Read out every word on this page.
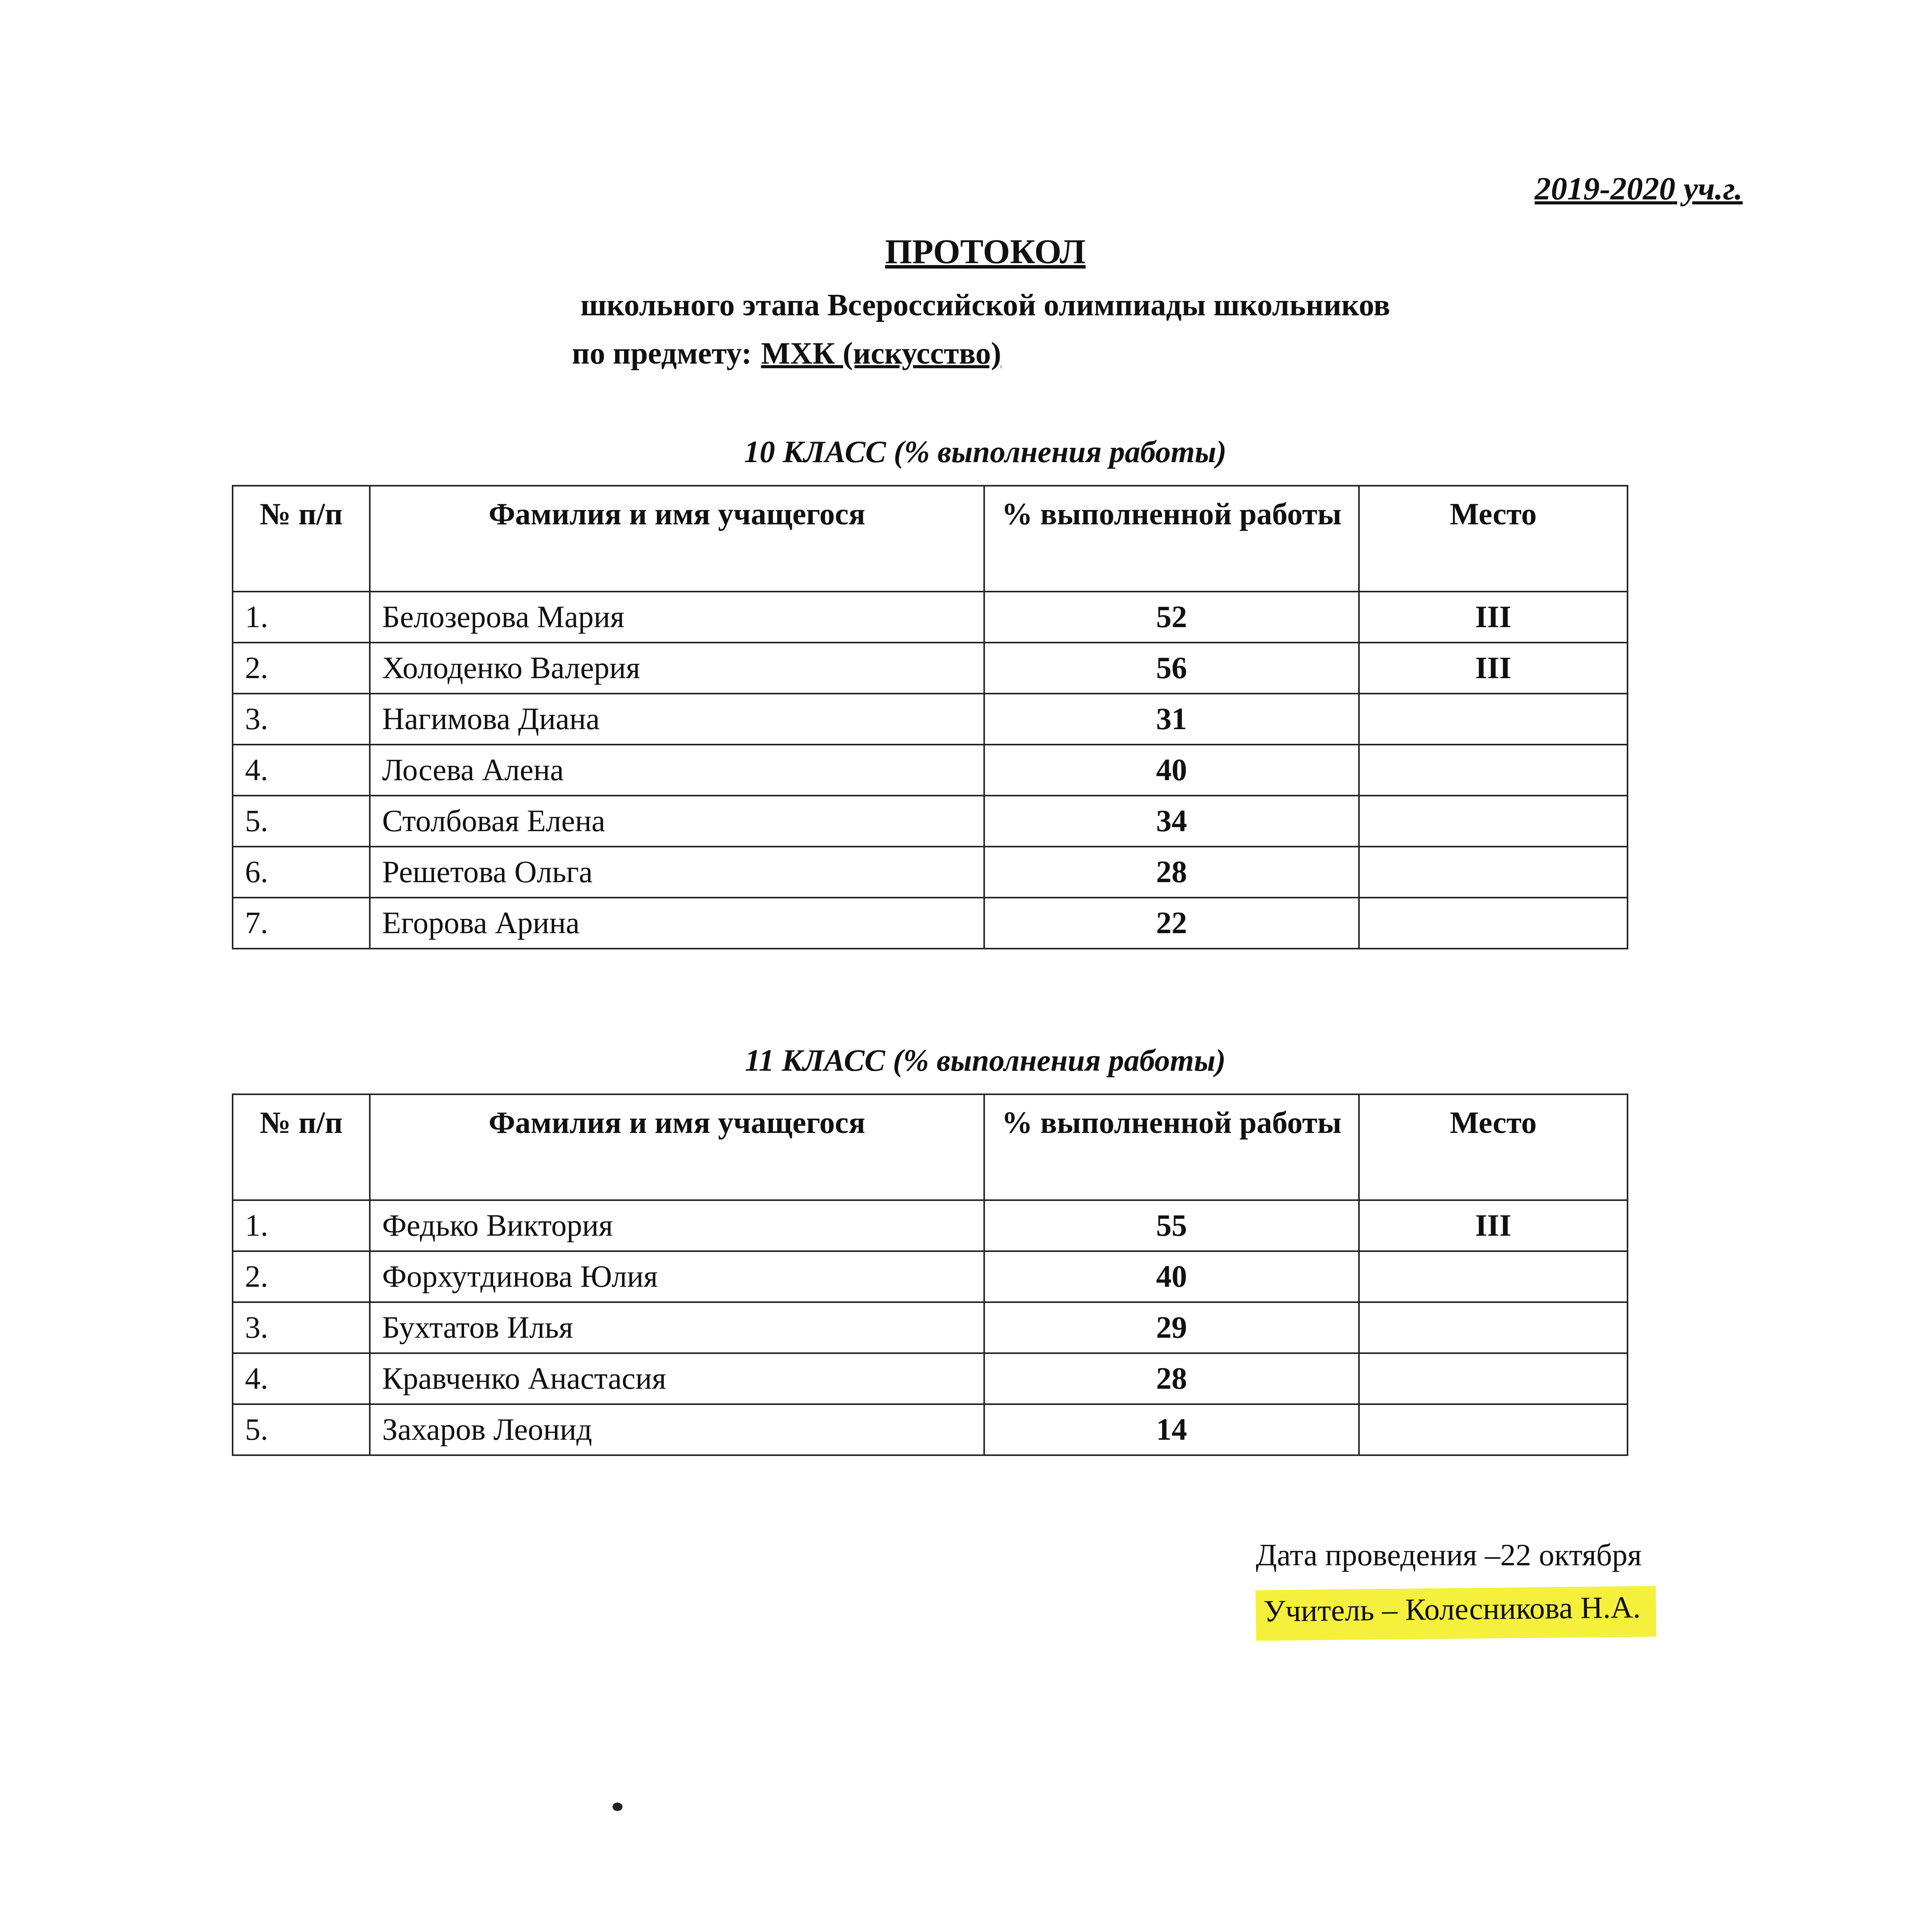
2019-2020 уч.г.
ПРОТОКОЛ
школьного этапа Всероссийской олимпиады школьников
по предмету: МХК (искусство)
10 КЛАСС (% выполнения работы)
№ п/п	Фамилия и имя учащегося	% выполненной работы	Место
1.	Белозерова Мария	52	III
2.	Холоденко Валерия	56	III
3.	Нагимова Диана	31	
4.	Лосева Алена	40	
5.	Столбовая Елена	34	
6.	Решетова Ольга	28	
7.	Егорова Арина	22	
11 КЛАСС (% выполнения работы)
№ п/п	Фамилия и имя учащегося	% выполненной работы	Место
1.	Федько Виктория	55	III
2.	Форхутдинова Юлия	40	
3.	Бухтатов Илья	29	
4.	Кравченко Анастасия	28	
5.	Захаров Леонид	14	
Дата проведения –22 октября
Учитель – Колесникова Н.А.
